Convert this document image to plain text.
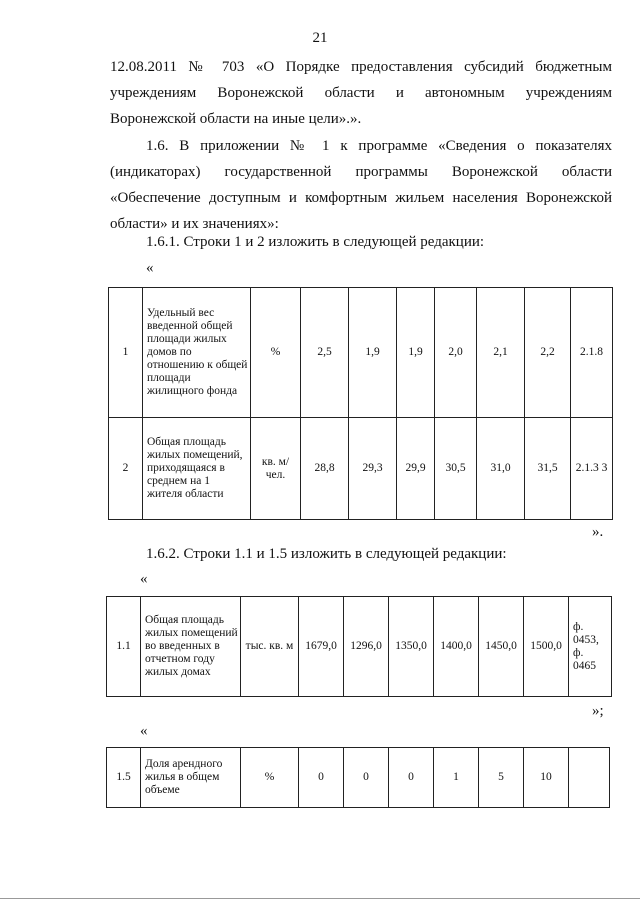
21
12.08.2011 № 703 «О Порядке предоставления субсидий бюджетным
учреждениям Воронежской области и автономным учреждениям
Воронежской области на иные цели».».
1.6. В приложении № 1 к программе «Сведения о показателях
(индикаторах) государственной программы Воронежской области
«Обеспечение доступным и комфортным жильем населения Воронежской
области» и их значениях»:
1.6.1. Строки 1 и 2 изложить в следующей редакции:
«
1	Удельный вес введенной общей площади жилых домов по отношению к общей площади жилищного фонда	%	2,5	1,9	1,9	2,0	2,1	2,2	2.1.8
2	Общая площадь жилых помещений, приходящаяся в среднем на 1 жителя области	кв. м/чел.	28,8	29,3	29,9	30,5	31,0	31,5	2.1.3 3
».
1.6.2. Строки 1.1 и 1.5 изложить в следующей редакции:
«
1.1	Общая площадь жилых помещений во введенных в отчетном году жилых домах	тыс. кв. м	1679,0	1296,0	1350,0	1400,0	1450,0	1500,0	ф. 0453, ф. 0465
»;
«
1.5	Доля арендного жилья в общем объеме	%	0	0	0	1	5	10	
